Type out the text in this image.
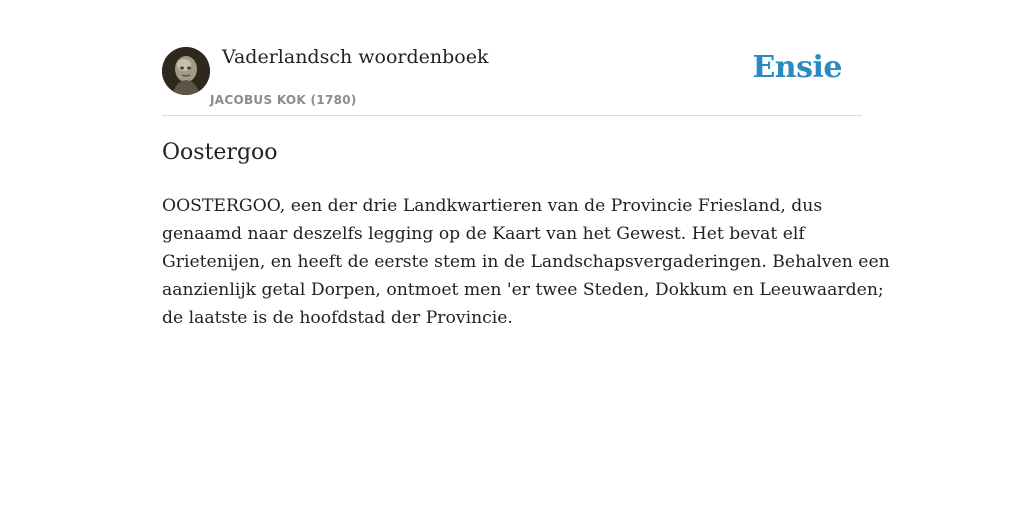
Vaderlandsch woordenboek
JACOBUS KOK (1780)
Ensie
Oostergoo
OOSTERGOO, een der drie Landkwartieren van de Provincie Friesland, dus
genaamd naar deszelfs legging op de Kaart van het Gewest. Het bevat elf
Grietenijen, en heeft de eerste stem in de Landschapsvergaderingen. Behalven een
aanzienlijk getal Dorpen, ontmoet men 'er twee Steden, Dokkum en Leeuwaarden;
de laatste is de hoofdstad der Provincie.
